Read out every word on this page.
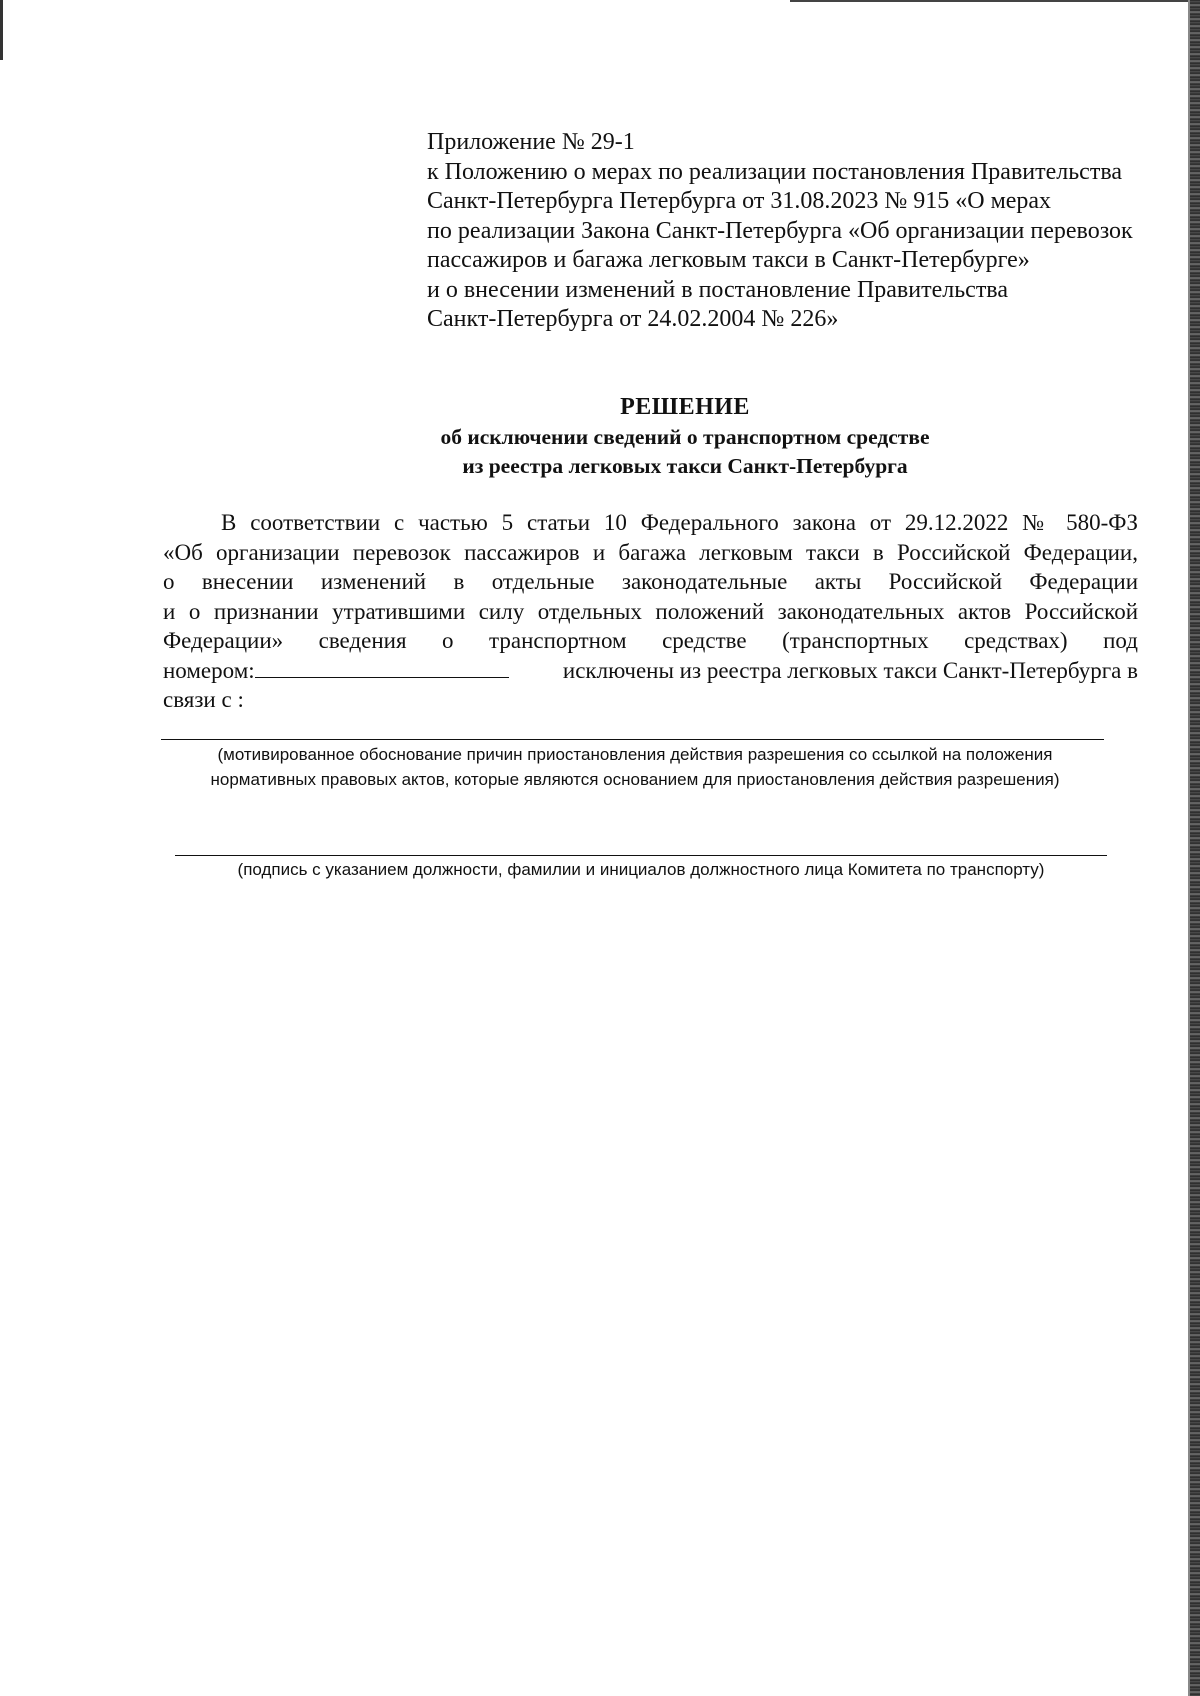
Приложение № 29-1
к Положению о мерах по реализации постановления Правительства
Санкт-Петербурга Петербурга от 31.08.2023 № 915 «О мерах
по реализации Закона Санкт-Петербурга «Об организации перевозок
пассажиров и багажа легковым такси в Санкт-Петербурге»
и о внесении изменений в постановление Правительства
Санкт-Петербурга от 24.02.2004 № 226»
РЕШЕНИЕ
об исключении сведений о транспортном средстве
из реестра легковых такси Санкт-Петербурга
В соответствии с частью 5 статьи 10 Федерального закона от 29.12.2022 № 580-ФЗ
«Об организации перевозок пассажиров и багажа легковым такси в Российской Федерации,
о внесении изменений в отдельные законодательные акты Российской Федерации
и о признании утратившими силу отдельных положений законодательных актов Российской
Федерации» сведения о транспортном средстве (транспортных средствах) под
номером:	исключены из реестра легковых такси Санкт-Петербурга в
связи с :
(мотивированное обоснование причин приостановления действия разрешения со ссылкой на положения
нормативных правовых актов, которые являются основанием для приостановления действия разрешения)
(подпись с указанием должности, фамилии и инициалов должностного лица Комитета по транспорту)
